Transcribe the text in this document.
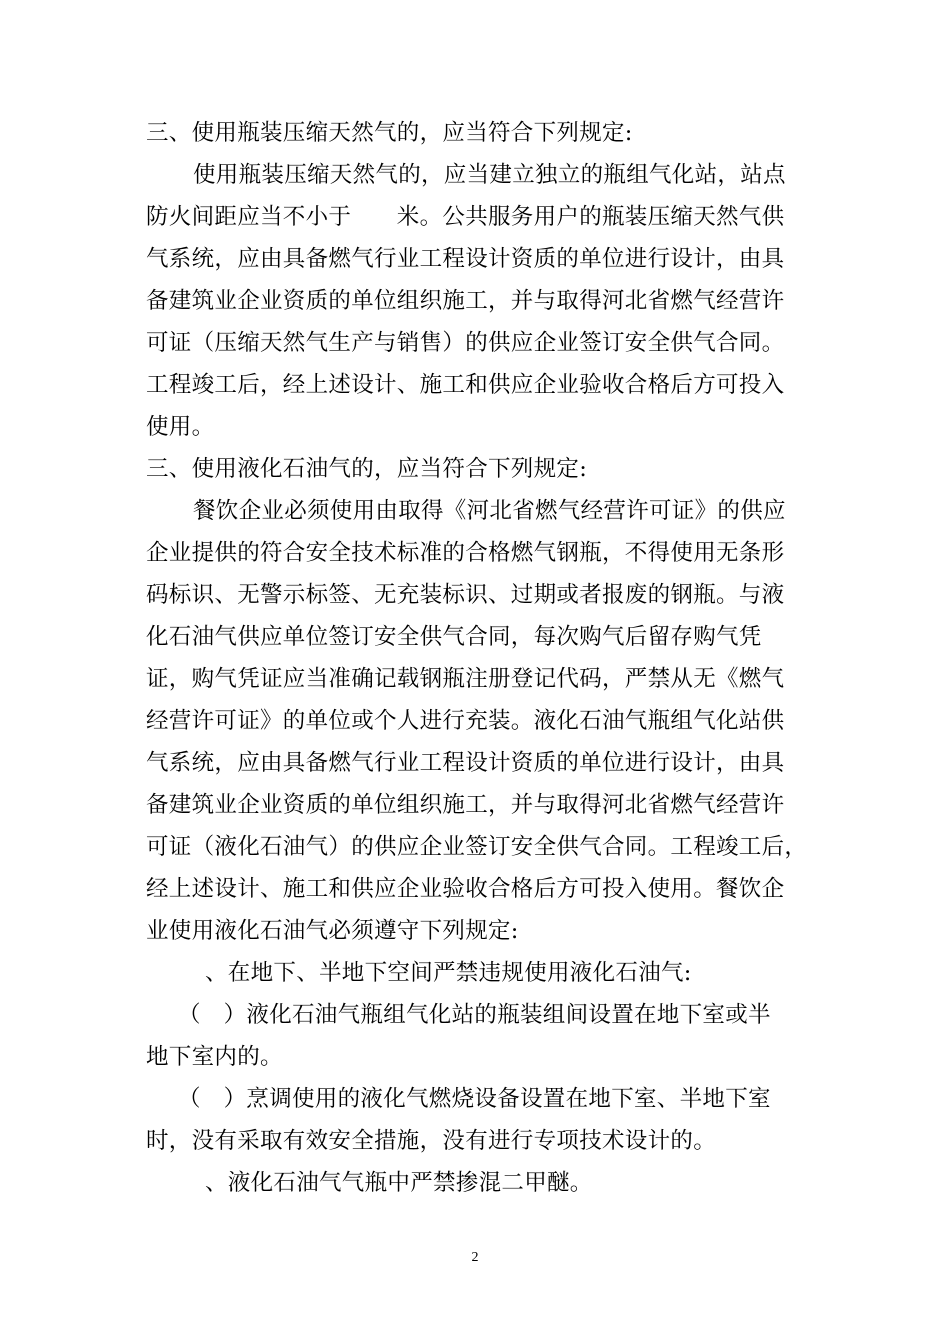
三、使用瓶装压缩天然气的，应当符合下列规定:
使用瓶装压缩天然气的，应当建立独立的瓶组气化站，站点
防火间距应当不小于　　米。公共服务用户的瓶装压缩天然气供
气系统，应由具备燃气行业工程设计资质的单位进行设计，由具
备建筑业企业资质的单位组织施工，并与取得河北省燃气经营许
可证（压缩天然气生产与销售）的供应企业签订安全供气合同。
工程竣工后，经上述设计、施工和供应企业验收合格后方可投入
使用。
三、使用液化石油气的，应当符合下列规定:
餐饮企业必须使用由取得《河北省燃气经营许可证》的供应
企业提供的符合安全技术标准的合格燃气钢瓶，不得使用无条形
码标识、无警示标签、无充装标识、过期或者报废的钢瓶。与液
化石油气供应单位签订安全供气合同，每次购气后留存购气凭
证，购气凭证应当准确记载钢瓶注册登记代码，严禁从无《燃气
经营许可证》的单位或个人进行充装。液化石油气瓶组气化站供
气系统，应由具备燃气行业工程设计资质的单位进行设计，由具
备建筑业企业资质的单位组织施工，并与取得河北省燃气经营许
可证（液化石油气）的供应企业签订安全供气合同。工程竣工后，
经上述设计、施工和供应企业验收合格后方可投入使用。餐饮企
业使用液化石油气必须遵守下列规定:
、在地下、半地下空间严禁违规使用液化石油气:
（　）液化石油气瓶组气化站的瓶装组间设置在地下室或半
地下室内的。
（　）烹调使用的液化气燃烧设备设置在地下室、半地下室
时，没有采取有效安全措施，没有进行专项技术设计的。
、液化石油气气瓶中严禁掺混二甲醚。
2
